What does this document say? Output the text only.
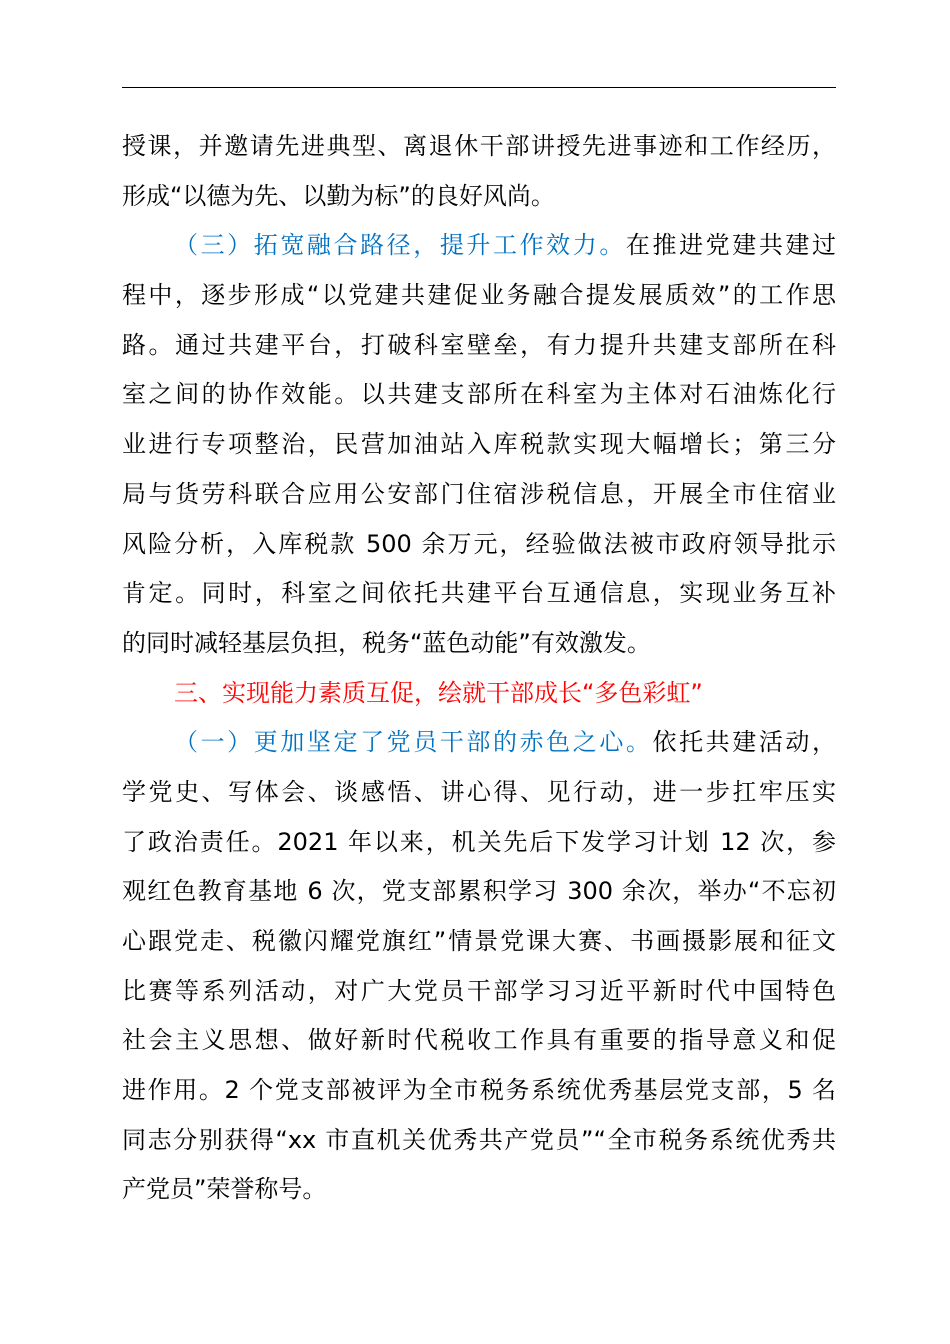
授课，并邀请先进典型、离退休干部讲授先进事迹和工作经历，
形成“以德为先、以勤为标”的良好风尚。
（三）拓宽融合路径，提升工作效力。在推进党建共建过
程中，逐步形成“以党建共建促业务融合提发展质效”的工作思
路。通过共建平台，打破科室壁垒，有力提升共建支部所在科
室之间的协作效能。以共建支部所在科室为主体对石油炼化行
业进行专项整治，民营加油站入库税款实现大幅增长；第三分
局与货劳科联合应用公安部门住宿涉税信息，开展全市住宿业
风险分析，入库税款 500 余万元，经验做法被市政府领导批示
肯定。同时，科室之间依托共建平台互通信息，实现业务互补
的同时减轻基层负担，税务“蓝色动能”有效激发。
三、实现能力素质互促，绘就干部成长“多色彩虹”
（一）更加坚定了党员干部的赤色之心。依托共建活动，
学党史、写体会、谈感悟、讲心得、见行动，进一步扛牢压实
了政治责任。2021 年以来，机关先后下发学习计划 12 次，参
观红色教育基地 6 次，党支部累积学习 300 余次，举办“不忘初
心跟党走、税徽闪耀党旗红”情景党课大赛、书画摄影展和征文
比赛等系列活动，对广大党员干部学习习近平新时代中国特色
社会主义思想、做好新时代税收工作具有重要的指导意义和促
进作用。2 个党支部被评为全市税务系统优秀基层党支部，5 名
同志分别获得“xx 市直机关优秀共产党员”“全市税务系统优秀共
产党员”荣誉称号。
